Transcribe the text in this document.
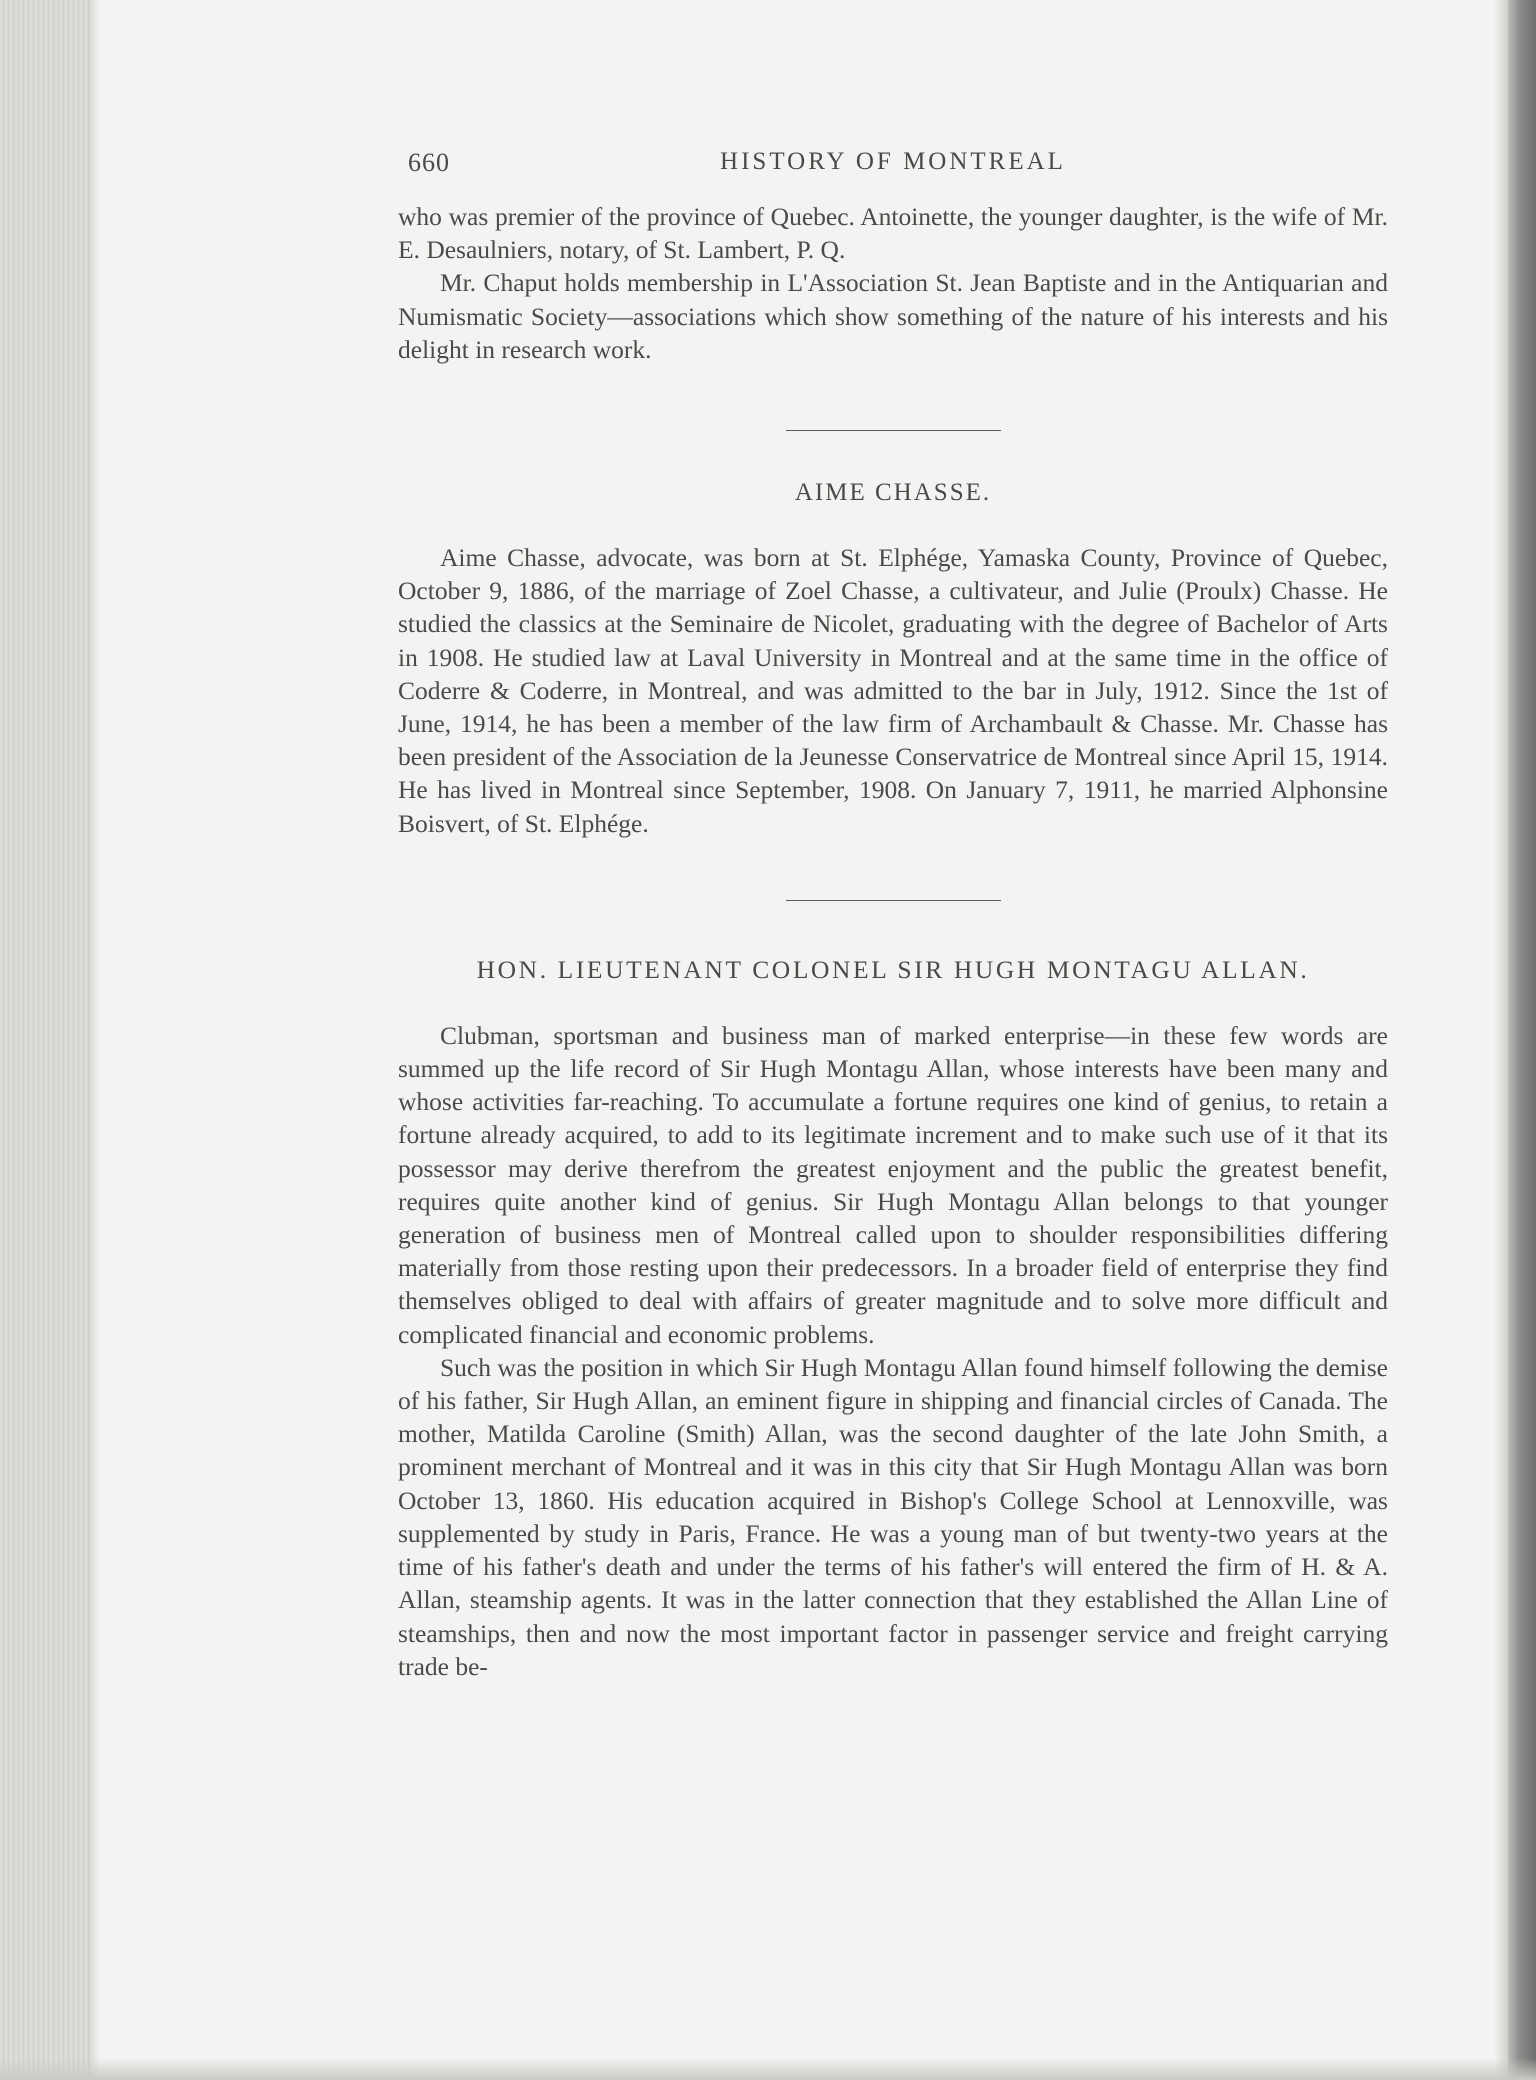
660	HISTORY OF MONTREAL

who was premier of the province of Quebec. Antoinette, the younger daughter, is the wife of Mr. E. Desaulniers, notary, of St. Lambert, P. Q.

Mr. Chaput holds membership in L'Association St. Jean Baptiste and in the Antiquarian and Numismatic Society—associations which show something of the nature of his interests and his delight in research work.

AIME CHASSE.

Aime Chasse, advocate, was born at St. Elphége, Yamaska County, Province of Quebec, October 9, 1886, of the marriage of Zoel Chasse, a cultivateur, and Julie (Proulx) Chasse. He studied the classics at the Seminaire de Nicolet, graduating with the degree of Bachelor of Arts in 1908. He studied law at Laval University in Montreal and at the same time in the office of Coderre & Coderre, in Montreal, and was admitted to the bar in July, 1912. Since the 1st of June, 1914, he has been a member of the law firm of Archambault & Chasse. Mr. Chasse has been president of the Association de la Jeunesse Conservatrice de Montreal since April 15, 1914. He has lived in Montreal since September, 1908. On January 7, 1911, he married Alphonsine Boisvert, of St. Elphége.

HON. LIEUTENANT COLONEL SIR HUGH MONTAGU ALLAN.

Clubman, sportsman and business man of marked enterprise—in these few words are summed up the life record of Sir Hugh Montagu Allan, whose interests have been many and whose activities far-reaching. To accumulate a fortune requires one kind of genius, to retain a fortune already acquired, to add to its legitimate increment and to make such use of it that its possessor may derive therefrom the greatest enjoyment and the public the greatest benefit, requires quite another kind of genius. Sir Hugh Montagu Allan belongs to that younger generation of business men of Montreal called upon to shoulder responsibilities differing materially from those resting upon their predecessors. In a broader field of enterprise they find themselves obliged to deal with affairs of greater magnitude and to solve more difficult and complicated financial and economic problems.

Such was the position in which Sir Hugh Montagu Allan found himself following the demise of his father, Sir Hugh Allan, an eminent figure in shipping and financial circles of Canada. The mother, Matilda Caroline (Smith) Allan, was the second daughter of the late John Smith, a prominent merchant of Montreal and it was in this city that Sir Hugh Montagu Allan was born October 13, 1860. His education acquired in Bishop's College School at Lennoxville, was supplemented by study in Paris, France. He was a young man of but twenty-two years at the time of his father's death and under the terms of his father's will entered the firm of H. & A. Allan, steamship agents. It was in the latter connection that they established the Allan Line of steamships, then and now the most important factor in passenger service and freight carrying trade be-
